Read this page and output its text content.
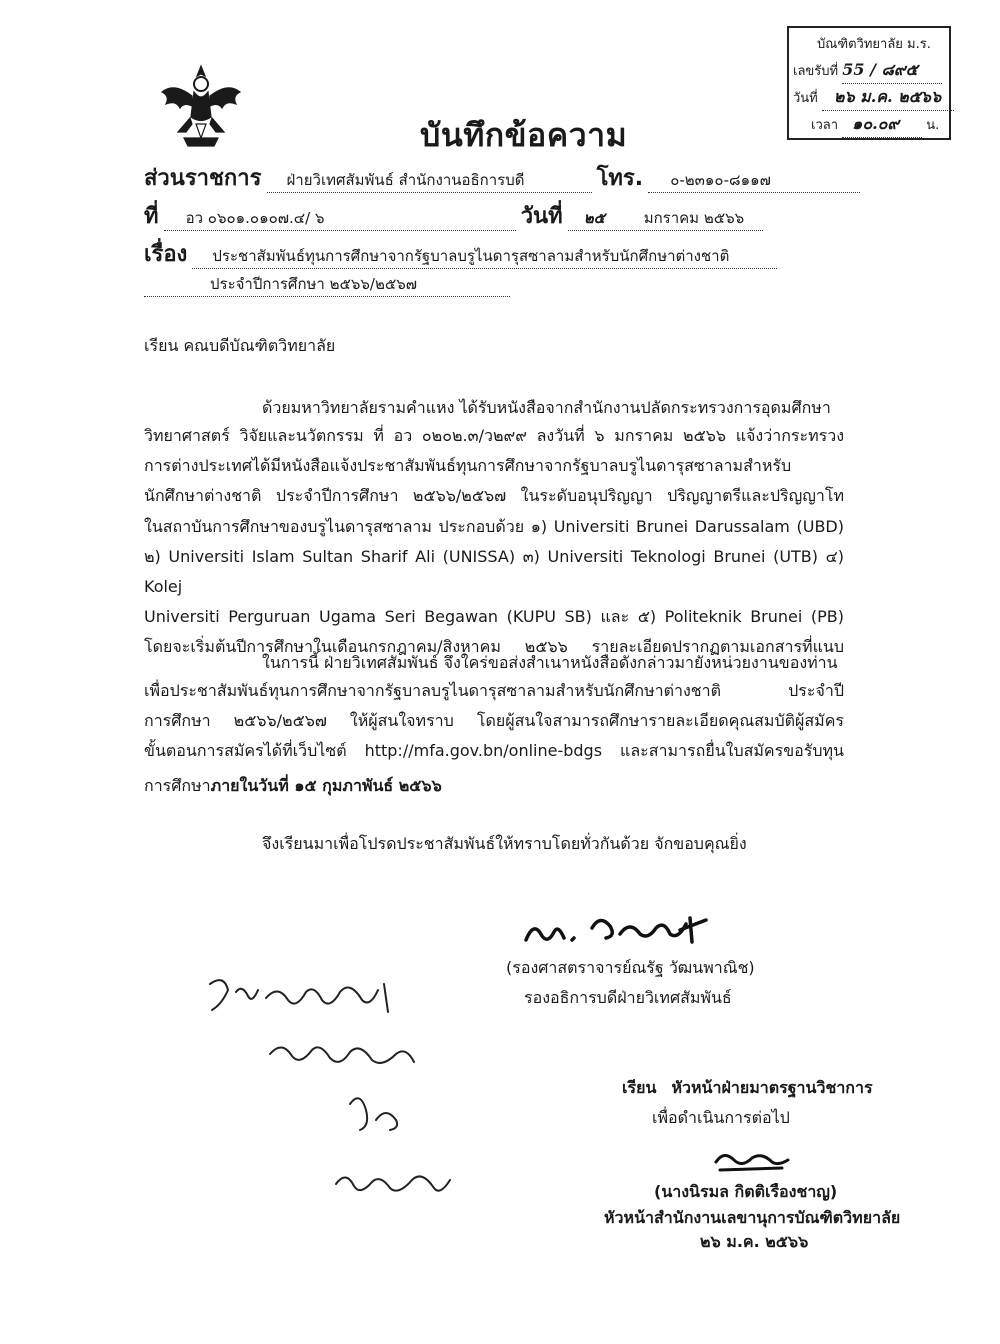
บัณฑิตวิทยาลัย ม.ร.
เลขรับที่ 55 / ๘๙๕
วันที่ ๒๖ ม.ค. ๒๕๖๖
เวลา ๑๐.๐๙ น.
บันทึกข้อความ
ส่วนราชการ ฝ่ายวิเทศสัมพันธ์ สำนักงานอธิการบดี	โทร. ๐-๒๓๑๐-๘๑๑๗
ที่ อว ๐๖๐๑.๐๑๐๗.๔/ ๖	วันที่ ๒๕	มกราคม ๒๕๖๖
เรื่อง ประชาสัมพันธ์ทุนการศึกษาจากรัฐบาลบรูไนดารุสซาลามสำหรับนักศึกษาต่างชาติ
ประจำปีการศึกษา ๒๕๖๖/๒๕๖๗
เรียน คณบดีบัณฑิตวิทยาลัย
ด้วยมหาวิทยาลัยรามคำแหง ได้รับหนังสือจากสำนักงานปลัดกระทรวงการอุดมศึกษา
วิทยาศาสตร์ วิจัยและนวัตกรรม ที่ อว ๐๒๐๒.๓/ว๒๙๙ ลงวันที่ ๖ มกราคม ๒๕๖๖ แจ้งว่ากระทรวง
การต่างประเทศได้มีหนังสือแจ้งประชาสัมพันธ์ทุนการศึกษาจากรัฐบาลบรูไนดารุสซาลามสำหรับ
นักศึกษาต่างชาติ ประจำปีการศึกษา ๒๕๖๖/๒๕๖๗ ในระดับอนุปริญญา ปริญญาตรีและปริญญาโท
ในสถาบันการศึกษาของบรูไนดารุสซาลาม ประกอบด้วย ๑) Universiti Brunei Darussalam (UBD)
๒) Universiti Islam Sultan Sharif Ali (UNISSA) ๓) Universiti Teknologi Brunei (UTB) ๔) Kolej
Universiti Perguruan Ugama Seri Begawan (KUPU SB) และ ๕) Politeknik Brunei (PB)
โดยจะเริ่มต้นปีการศึกษาในเดือนกรกฎาคม/สิงหาคม ๒๕๖๖ รายละเอียดปรากฏตามเอกสารที่แนบ
ในการนี้ ฝ่ายวิเทศสัมพันธ์ จึงใคร่ขอส่งสำเนาหนังสือดังกล่าวมายังหน่วยงานของท่าน
เพื่อประชาสัมพันธ์ทุนการศึกษาจากรัฐบาลบรูไนดารุสซาลามสำหรับนักศึกษาต่างชาติ ประจำปี
การศึกษา ๒๕๖๖/๒๕๖๗ ให้ผู้สนใจทราบ โดยผู้สนใจสามารถศึกษารายละเอียดคุณสมบัติผู้สมัคร
ขั้นตอนการสมัครได้ที่เว็บไซต์ http://mfa.gov.bn/online-bdgs และสามารถยื่นใบสมัครขอรับทุน
การศึกษาภายในวันที่ ๑๕ กุมภาพันธ์ ๒๕๖๖
จึงเรียนมาเพื่อโปรดประชาสัมพันธ์ให้ทราบโดยทั่วกันด้วย จักขอบคุณยิ่ง
(รองศาสตราจารย์ณรัฐ วัฒนพาณิช)
รองอธิการบดีฝ่ายวิเทศสัมพันธ์
เรียน หัวหน้าฝ่ายมาตรฐานวิชาการ
เพื่อดำเนินการต่อไป
(นางนิรมล กิตติเรืองชาญ)
หัวหน้าสำนักงานเลขานุการบัณฑิตวิทยาลัย
๒๖ ม.ค. ๒๕๖๖
